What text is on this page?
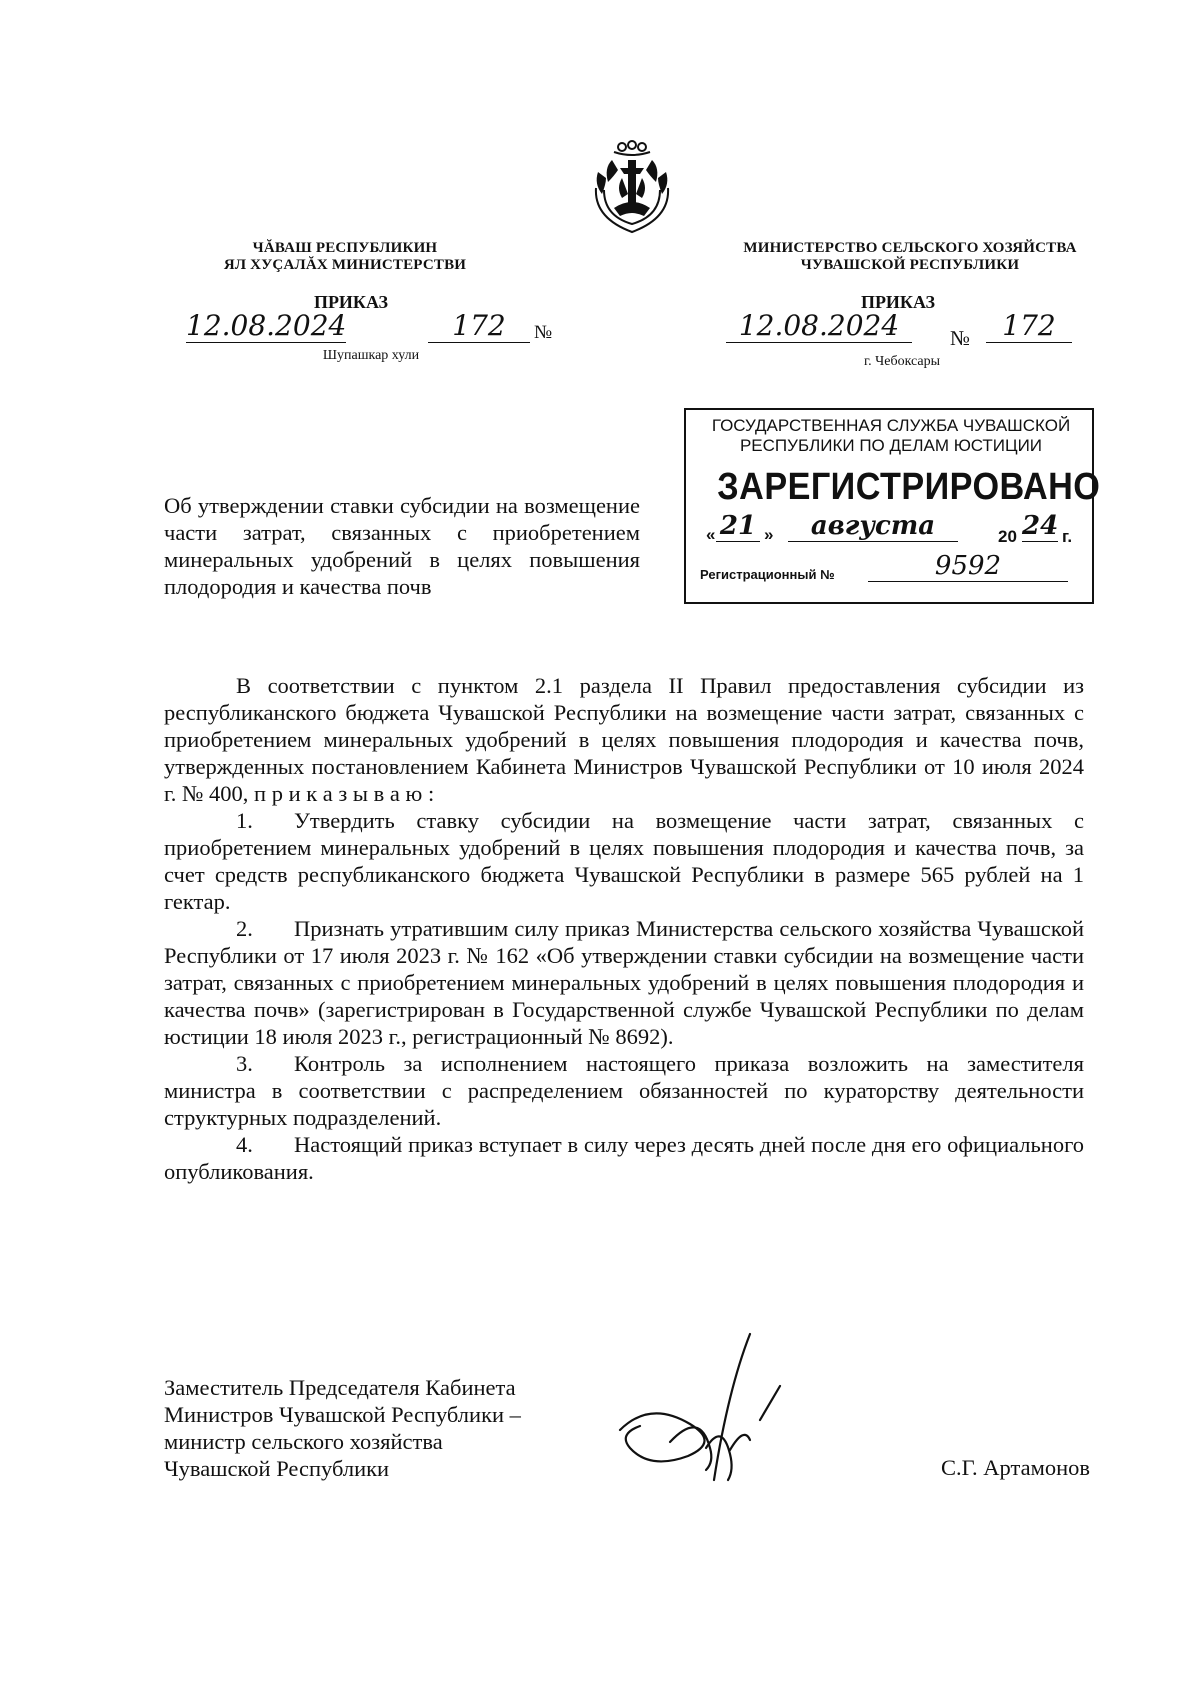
ЧĂВАШ РЕСПУБЛИКИН
ЯЛ ХУÇАЛĂХ МИНИСТЕРСТВИ
ПРИКАЗ
12.08.2024	172	№
Шупашкар хули
МИНИСТЕРСТВО СЕЛЬСКОГО ХОЗЯЙСТВА
ЧУВАШСКОЙ РЕСПУБЛИКИ
ПРИКАЗ
12.08.2024	№	172
г. Чебоксары
ГОСУДАРСТВЕННАЯ СЛУЖБА ЧУВАШСКОЙ
РЕСПУБЛИКИ ПО ДЕЛАМ ЮСТИЦИИ
ЗАРЕГИСТРИРОВАНО
« 21 »	августа	20 24 г.
Регистрационный №	9592
Об утверждении ставки субсидии на возмещение части затрат, связанных с приобретением минеральных удобрений в целях повышения плодородия и качества почв

В соответствии с пунктом 2.1 раздела II Правил предоставления субсидии из республиканского бюджета Чувашской Республики на возмещение части затрат, связанных с приобретением минеральных удобрений в целях повышения плодородия и качества почв, утвержденных постановлением Кабинета Министров Чувашской Республики от 10 июля 2024 г. № 400, п р и к а з ы в а ю :

1. Утвердить ставку субсидии на возмещение части затрат, связанных с приобретением минеральных удобрений в целях повышения плодородия и качества почв, за счет средств республиканского бюджета Чувашской Республики в размере 565 рублей на 1 гектар.

2. Признать утратившим силу приказ Министерства сельского хозяйства Чувашской Республики от 17 июля 2023 г. № 162 «Об утверждении ставки субсидии на возмещение части затрат, связанных с приобретением минеральных удобрений в целях повышения плодородия и качества почв» (зарегистрирован в Государственной службе Чувашской Республики по делам юстиции 18 июля 2023 г., регистрационный № 8692).

3. Контроль за исполнением настоящего приказа возложить на заместителя министра в соответствии с распределением обязанностей по кураторству деятельности структурных подразделений.

4. Настоящий приказ вступает в силу через десять дней после дня его официального опубликования.

Заместитель Председателя Кабинета
Министров Чувашской Республики –
министр сельского хозяйства
Чувашской Республики	С.Г. Артамонов
